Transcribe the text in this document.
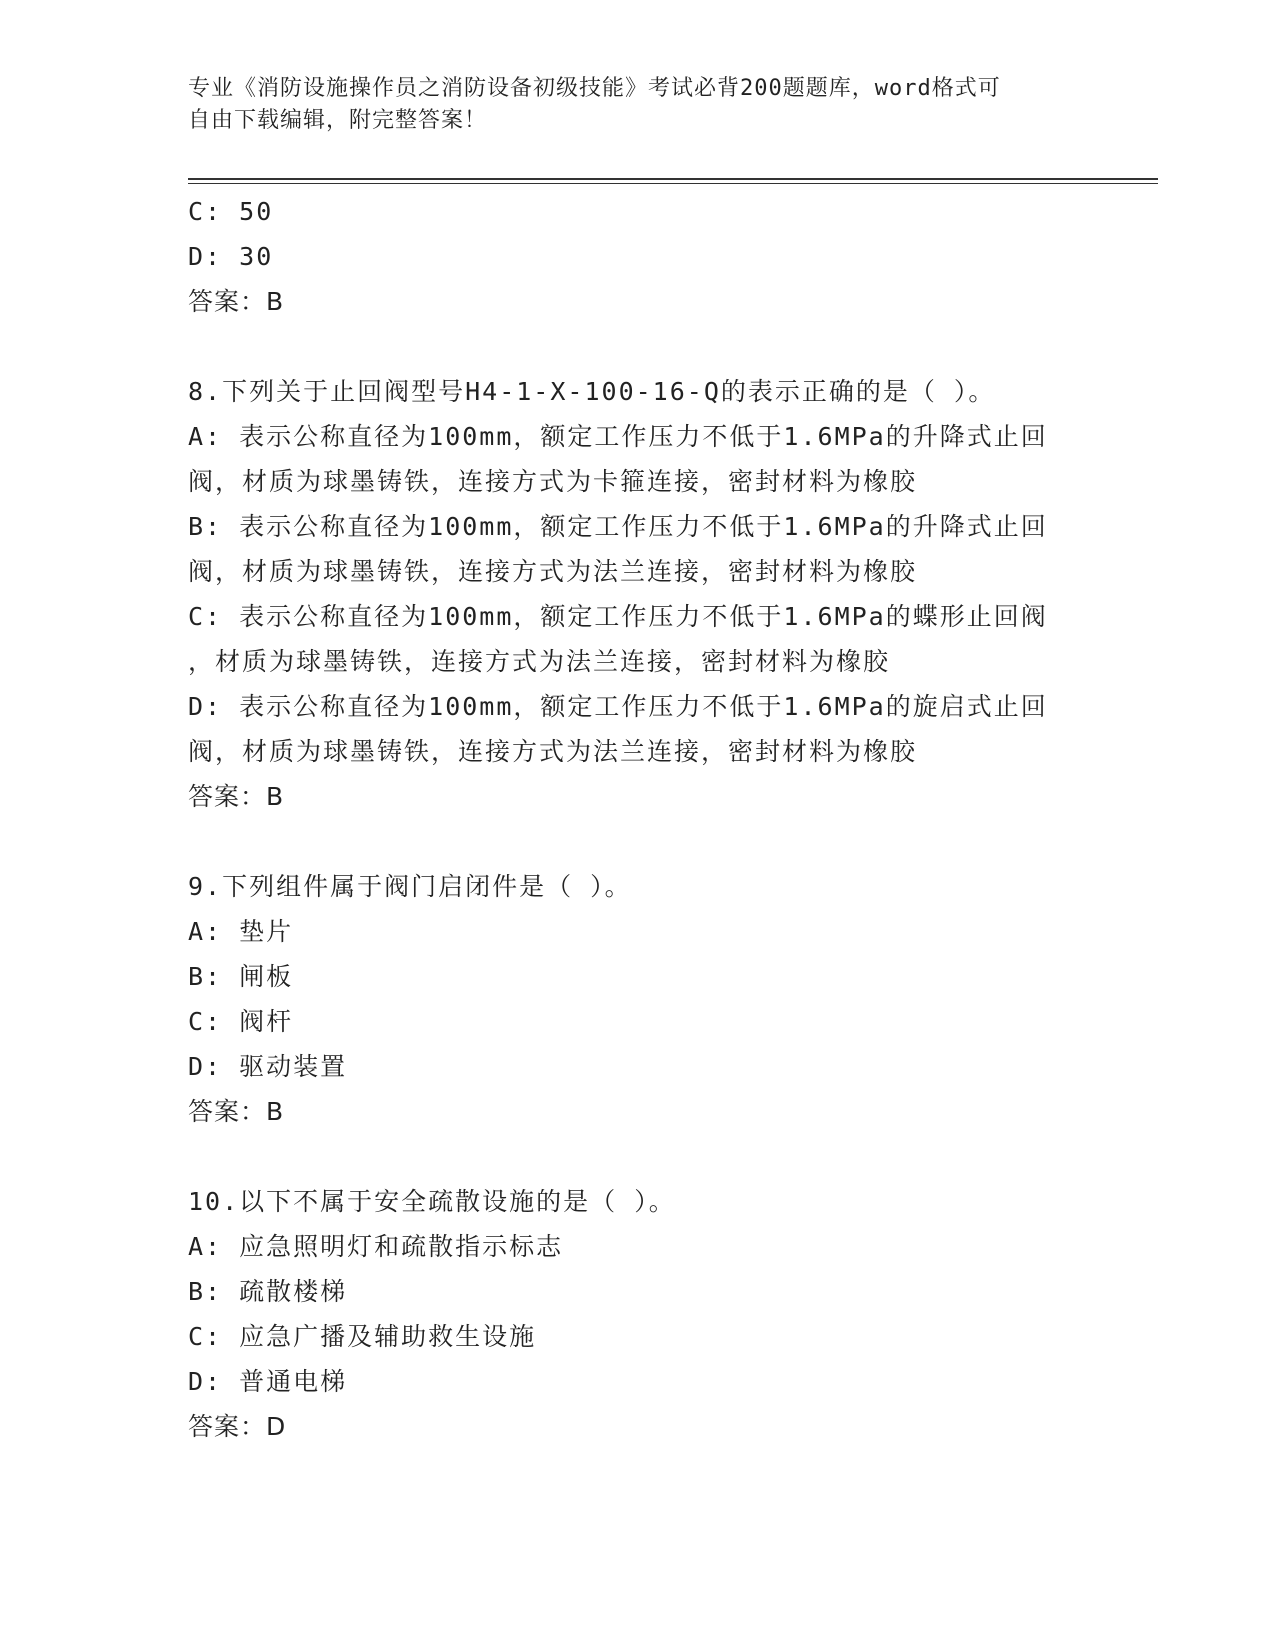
专业《消防设施操作员之消防设备初级技能》考试必背200题题库，word格式可
自由下载编辑，附完整答案！
C: 50
D: 30
答案：B
8.下列关于止回阀型号H4-1-X-100-16-Q的表示正确的是（ ）。
A: 表示公称直径为100mm，额定工作压力不低于1.6MPa的升降式止回
阀，材质为球墨铸铁，连接方式为卡箍连接，密封材料为橡胶
B: 表示公称直径为100mm，额定工作压力不低于1.6MPa的升降式止回
阀，材质为球墨铸铁，连接方式为法兰连接，密封材料为橡胶
C: 表示公称直径为100mm，额定工作压力不低于1.6MPa的蝶形止回阀
，材质为球墨铸铁，连接方式为法兰连接，密封材料为橡胶
D: 表示公称直径为100mm，额定工作压力不低于1.6MPa的旋启式止回
阀，材质为球墨铸铁，连接方式为法兰连接，密封材料为橡胶
答案：B
9.下列组件属于阀门启闭件是（ ）。
A: 垫片
B: 闸板
C: 阀杆
D: 驱动装置
答案：B
10.以下不属于安全疏散设施的是（ ）。
A: 应急照明灯和疏散指示标志
B: 疏散楼梯
C: 应急广播及辅助救生设施
D: 普通电梯
答案：D
